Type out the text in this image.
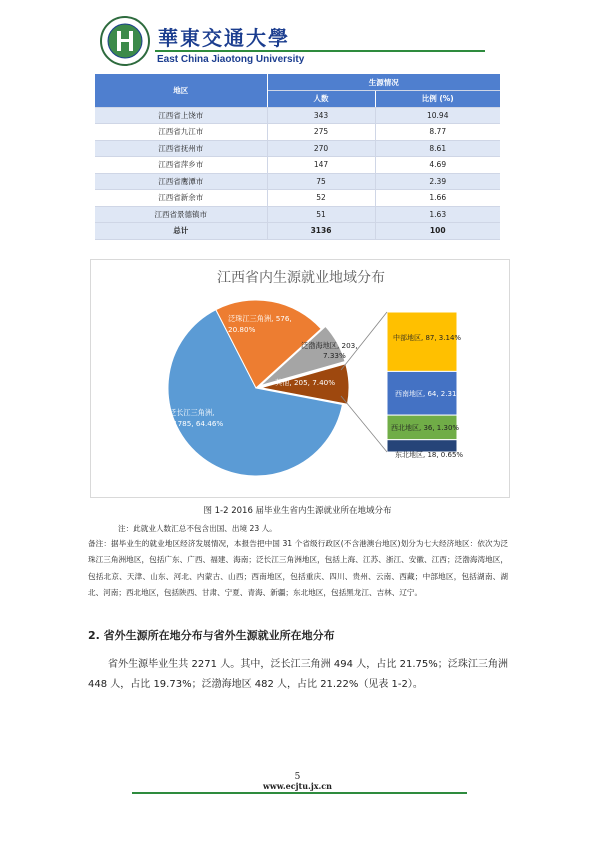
華東交通大學
East China Jiaotong University
地区	生源情况	
	人数	比例 (%)
江西省上饶市	343	10.94
江西省九江市	275	8.77
江西省抚州市	270	8.61
江西省萍乡市	147	4.69
江西省鹰潭市	75	2.39
江西省新余市	52	1.66
江西省景德镇市	51	1.63
总计	3136	100
江西省内生源就业地域分布
泛长江三角洲,
1785, 64.46%
泛珠江三角洲, 576,
20.80%
泛渤海地区, 203,
7.33%
其他, 205, 7.40%
中部地区, 87, 3.14%
西南地区, 64, 2.31%
西北地区, 36, 1.30%
东北地区, 18, 0.65%
图 1-2 2016 届毕业生省内生源就业所在地域分布
注：此就业人数汇总不包含出国、出境 23 人。
备注：据毕业生的就业地区经济发展情况，本报告把中国 31 个省级行政区(不含港澳台地区)划分为七大经济地区：依次为泛珠江三角洲地区，包括广东、广西、福建、海南；泛长江三角洲地区，包括上海、江苏、浙江、安徽、江西；泛渤海湾地区，包括北京、天津、山东、河北、内蒙古、山西；西南地区，包括重庆、四川、贵州、云南、西藏；中部地区，包括湖南、湖北、河南；西北地区，包括陕西、甘肃、宁夏、青海、新疆；东北地区，包括黑龙江、吉林、辽宁。
2. 省外生源所在地分布与省外生源就业所在地分布
省外生源毕业生共 2271 人。其中，泛长江三角洲 494 人，占比 21.75%；泛珠江三角洲 448 人，占比 19.73%；泛渤海地区 482 人，占比 21.22%（见表 1-2）。
5
www.ecjtu.jx.cn
